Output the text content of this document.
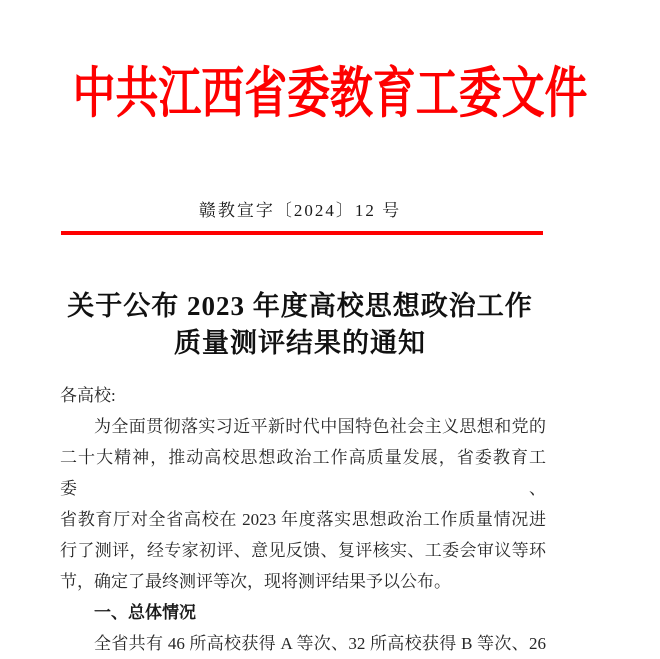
中共江西省委教育工委文件
赣教宣字〔2024〕12 号
关于公布 2023 年度高校思想政治工作
质量测评结果的通知
各高校:
为全面贯彻落实习近平新时代中国特色社会主义思想和党的
二十大精神，推动高校思想政治工作高质量发展，省委教育工委、
省教育厅对全省高校在 2023 年度落实思想政治工作质量情况进
行了测评，经专家初评、意见反馈、复评核实、工委会审议等环
节，确定了最终测评等次，现将测评结果予以公布。
一、总体情况
全省共有 46 所高校获得 A 等次、32 所高校获得 B 等次、26
